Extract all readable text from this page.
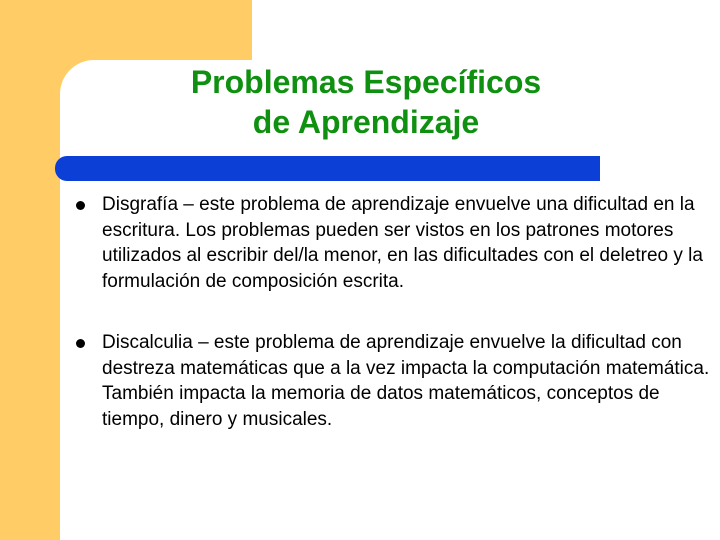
Problemas Específicos
de Aprendizaje
Disgrafía – este problema de aprendizaje envuelve una dificultad en la escritura. Los problemas pueden ser vistos en los patrones motores utilizados al escribir del/la menor, en las dificultades con el deletreo y la formulación de composición escrita.
Discalculia – este problema de aprendizaje envuelve la dificultad con destreza matemáticas que a la vez impacta la computación matemática. También impacta la memoria de datos matemáticos, conceptos de tiempo, dinero y musicales.
